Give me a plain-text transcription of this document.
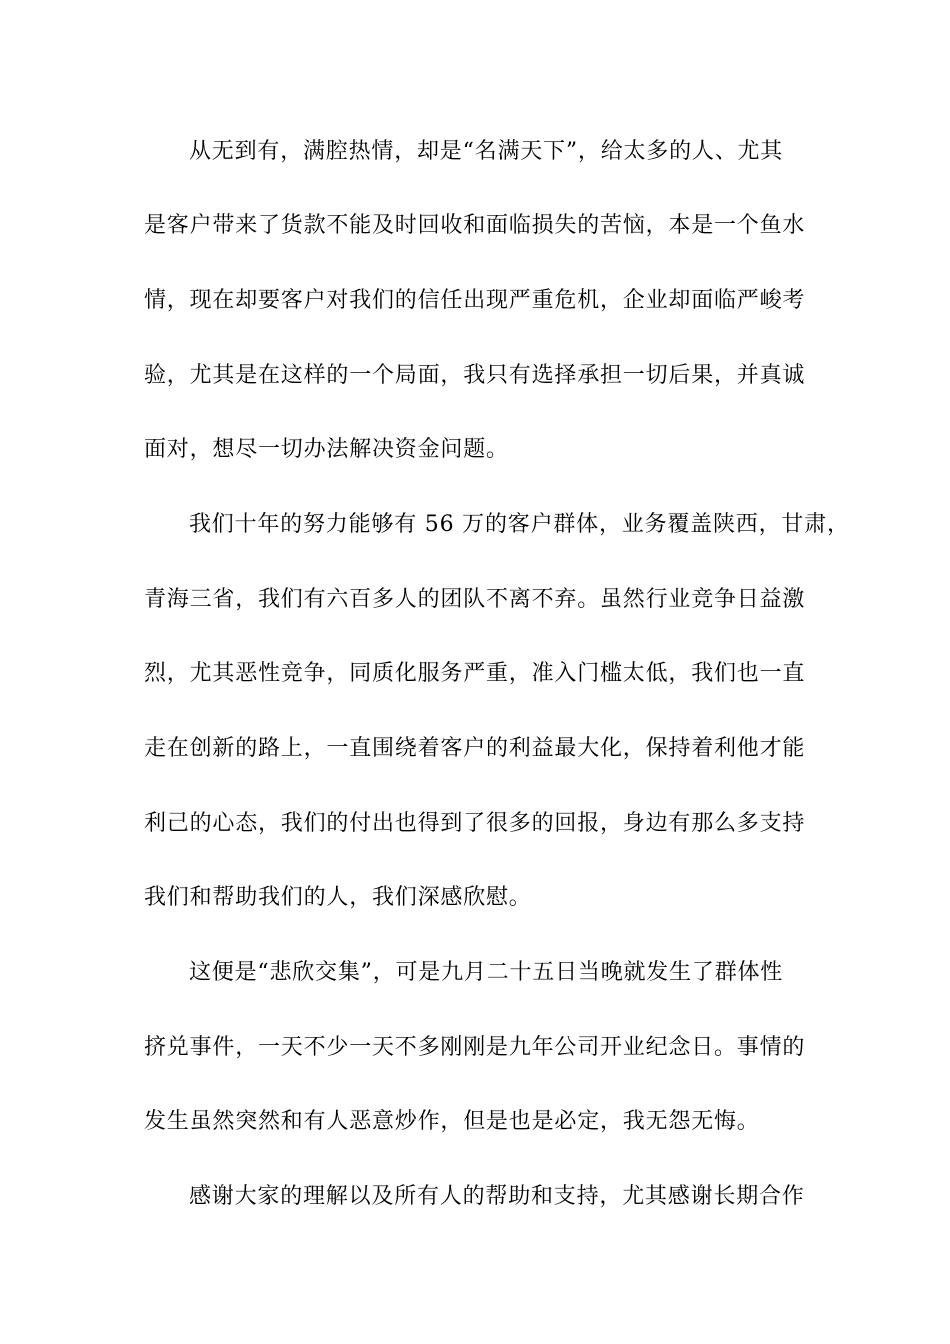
从无到有，满腔热情，却是“名满天下”，给太多的人、尤其
是客户带来了货款不能及时回收和面临损失的苦恼，本是一个鱼水
情，现在却要客户对我们的信任出现严重危机，企业却面临严峻考
验，尤其是在这样的一个局面，我只有选择承担一切后果，并真诚
面对，想尽一切办法解决资金问题。
我们十年的努力能够有 56 万的客户群体，业务覆盖陕西，甘肃，
青海三省，我们有六百多人的团队不离不弃。虽然行业竞争日益激
烈，尤其恶性竞争，同质化服务严重，准入门槛太低，我们也一直
走在创新的路上，一直围绕着客户的利益最大化，保持着利他才能
利己的心态，我们的付出也得到了很多的回报，身边有那么多支持
我们和帮助我们的人，我们深感欣慰。
这便是“悲欣交集”，可是九月二十五日当晚就发生了群体性
挤兑事件，一天不少一天不多刚刚是九年公司开业纪念日。事情的
发生虽然突然和有人恶意炒作，但是也是必定，我无怨无悔。
感谢大家的理解以及所有人的帮助和支持，尤其感谢长期合作
